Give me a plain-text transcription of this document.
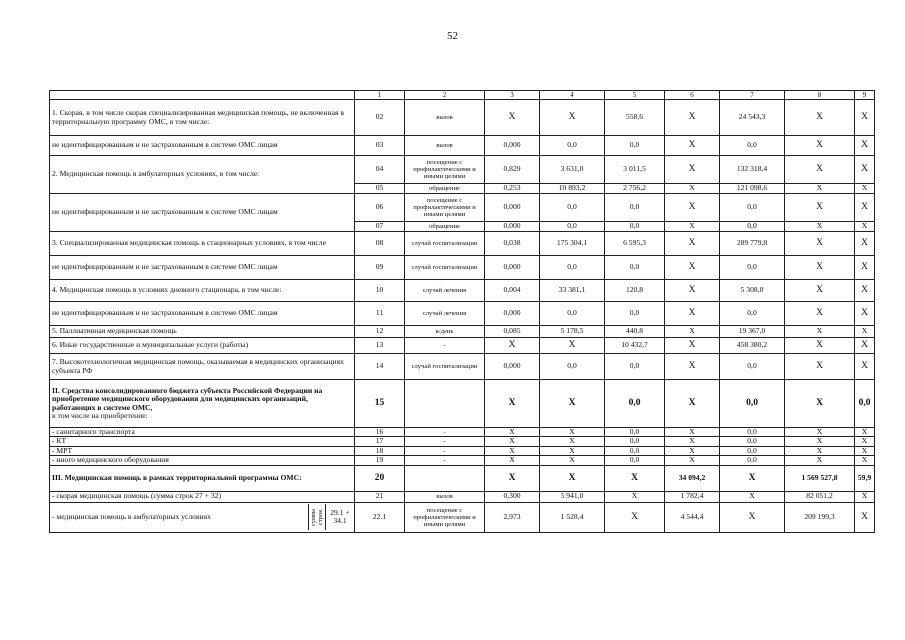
52
	1	2	3	4	5	6	7	8	9
1. Скорая, в том числе скорая специализированная медицинская помощь, не включенная в территориальную программу ОМС, в том числе:	02	вызов	X	X	558,6	X	24 543,3	X	X
не идентифицированным и не застрахованным в системе ОМС лицам	03	вызов	0,000	0,0	0,0	X	0,0	X	X
2. Медицинская помощь в амбулаторных условиях, в том числе:	04	посещение с профилактическими и иными целями	0,829	3 631,0	3 011,5	X	132 318,4	X	X
	05	обращение	0,253	10 893,2	2 756,2	X	121 098,6	X	X
не идентифицированным и не застрахованным в системе ОМС лицам	06	посещение с профилактическими и иными целями	0,000	0,0	0,0	X	0,0	X	X
	07	обращение	0,000	0,0	0,0	X	0,0	X	X
3. Специализированная медицинская помощь в стационарных условиях, в том числе	08	случай госпитализации	0,038	175 304,1	6 595,3	X	289 779,8	X	X
не идентифицированным и не застрахованным в системе ОМС лицам	09	случай госпитализации	0,000	0,0	0,0	X	0,0	X	X
4. Медицинская помощь в условиях дневного стационара, в том числе:	10	случай лечения	0,004	33 381,1	120,8	X	5 308,0	X	X
не идентифицированным и не застрахованным в системе ОМС лицам	11	случай лечения	0,000	0,0	0,0	X	0,0	X	X
5. Паллиативная медицинская помощь	12	к/день	0,085	5 178,5	440,8	X	19 367,0	X	X
6. Иные государственные и муниципальные услуги (работы)	13	-	X	X	10 432,7	X	458 380,2	X	X
7. Высокотехнологичная медицинская помощь, оказываемая в медицинских организациях субъекта РФ	14	случай госпитализации	0,000	0,0	0,0	X	0,0	X	X
II. Средства консолидированного бюджета субъекта Российской Федерации на приобретение медицинского оборудования для медицинских организаций, работающих в системе ОМС,
в том числе на приобретение:	15		X	X	0,0	X	0,0	X	0,0
- санитарного транспорта	16	-	X	X	0,0	X	0,0	X	X
- КТ	17	-	X	X	0,0	X	0,0	X	X
- МРТ	18	-	X	X	0,0	X	0,0	X	X
- иного медицинского оборудования	19	-	X	X	0,0	X	0,0	X	X
III. Медицинская помощь в рамках территориальной программы ОМС:	20		X	X	X	34 094,2	X	1 569 527,8	59,9
- скорая медицинская помощь (сумма строк 27 + 32)	21	вызов	0,300	5 941,0	X	1 782,4	X	82 051,2	X

- медицинская помощь в амбулаторных условиях сумма строк 29.1 + 34.1	22.1	посещение с профилактическими и иными целями	2,973	1 528,4	X	4 544,4	X	209 199,3	X
